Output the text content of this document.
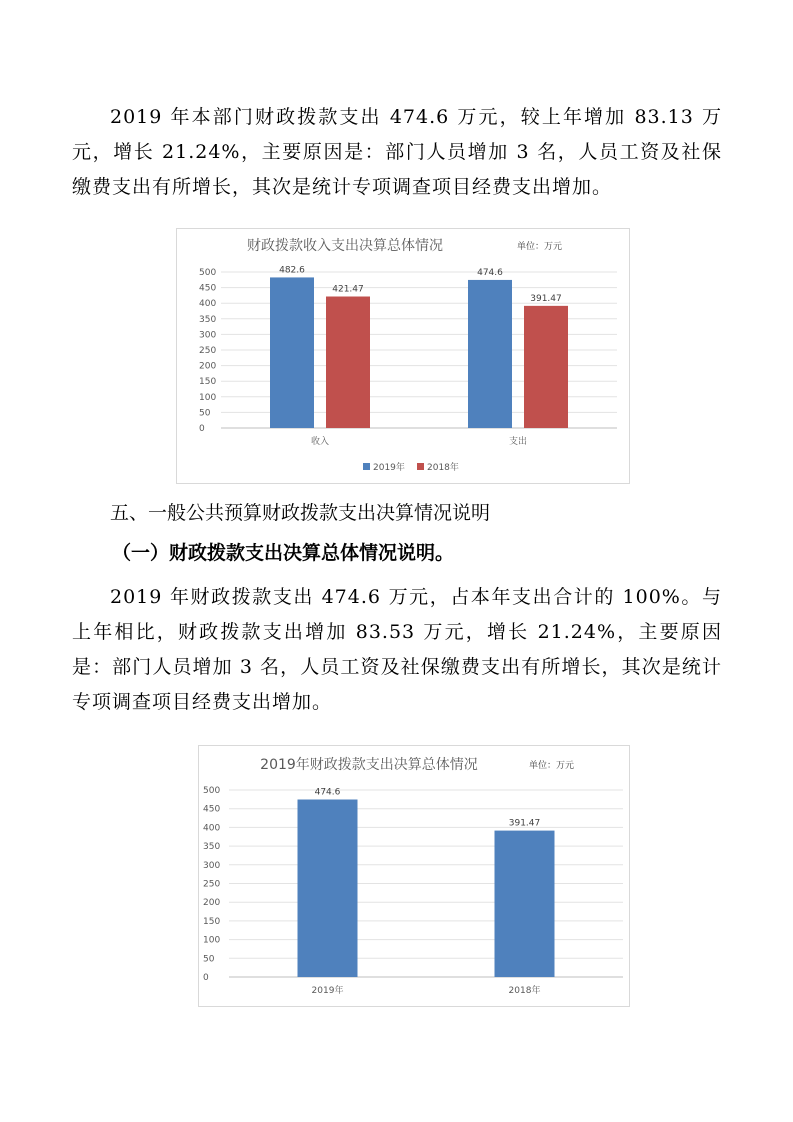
2019 年本部门财政拨款支出 474.6 万元，较上年增加 83.13 万元，增长 21.24%，主要原因是：部门人员增加 3 名，人员工资及社保缴费支出有所增长，其次是统计专项调查项目经费支出增加。

财政拨款收入支出决算总体情况	单位：万元
0
50
100
150
200
250
300
350
400
450
500	482.6
421.47
收入
474.6
391.47
支出
2019年 2018年

五、一般公共预算财政拨款支出决算情况说明

（一）财政拨款支出决算总体情况说明。

2019 年财政拨款支出 474.6 万元，占本年支出合计的 100%。与上年相比，财政拨款支出增加 83.53 万元，增长 21.24%，主要原因是：部门人员增加 3 名，人员工资及社保缴费支出有所增长，其次是统计专项调查项目经费支出增加。

2019年财政拨款支出决算总体情况	单位：万元
0
50
100
150
200
250
300
350
400
450
500	474.6
2019年
391.47
2018年
